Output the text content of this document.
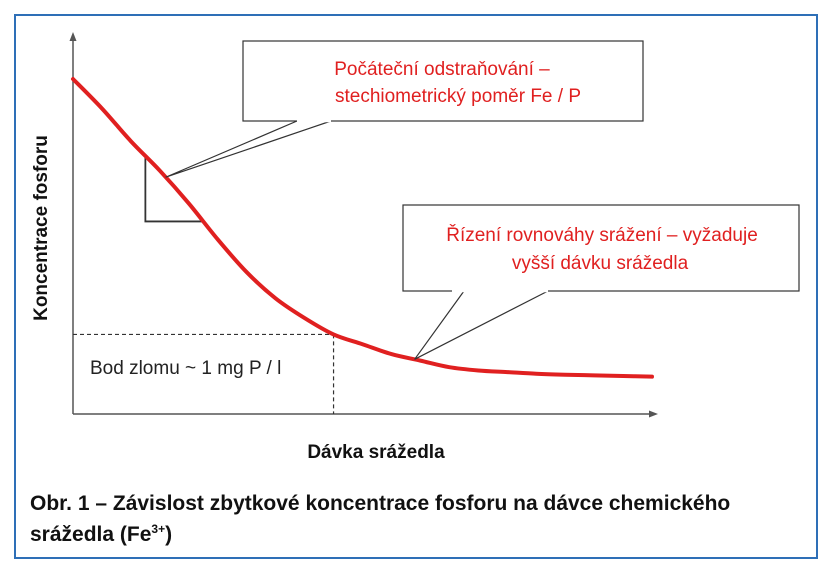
Koncentrace fosforu
Dávka srážedla
Bod zlomu ~ 1 mg P / l
Počáteční odstraňování –
stechiometrický poměr Fe / P
Řízení rovnováhy srážení – vyžaduje
vyšší dávku srážedla
Obr. 1 – Závislost zbytkové koncentrace fosforu na dávce chemického
srážedla $(Fe^{3+})$
